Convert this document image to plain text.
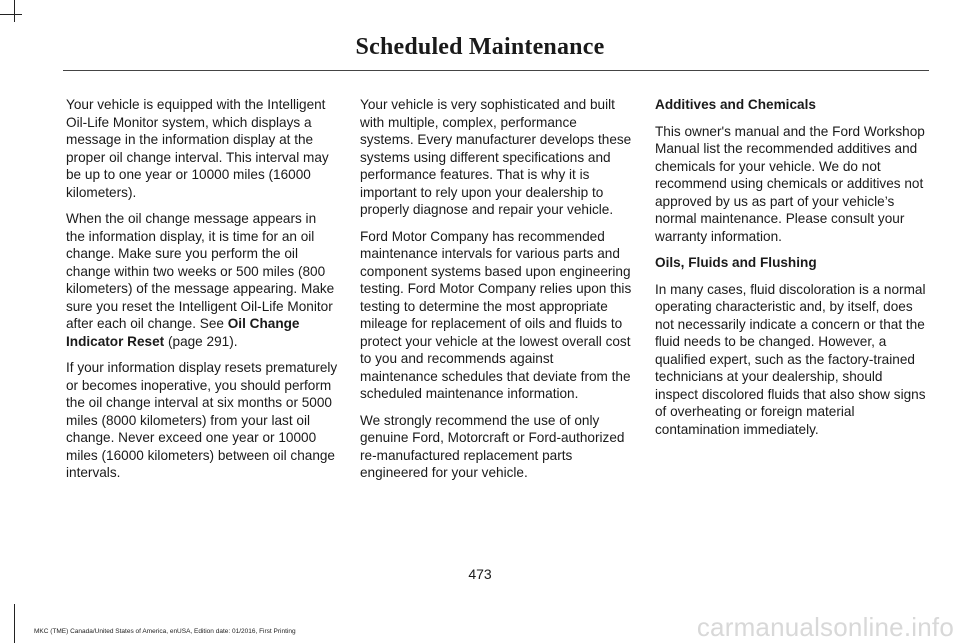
Scheduled Maintenance

Your vehicle is equipped with the Intelligent Oil-Life Monitor system, which displays a message in the information display at the proper oil change interval. This interval may be up to one year or 10000 miles (16000 kilometers).

When the oil change message appears in the information display, it is time for an oil change. Make sure you perform the oil change within two weeks or 500 miles (800 kilometers) of the message appearing. Make sure you reset the Intelligent Oil-Life Monitor after each oil change. See Oil Change Indicator Reset (page 291).

If your information display resets prematurely or becomes inoperative, you should perform the oil change interval at six months or 5000 miles (8000 kilometers) from your last oil change. Never exceed one year or 10000 miles (16000 kilometers) between oil change intervals.

Your vehicle is very sophisticated and built with multiple, complex, performance systems. Every manufacturer develops these systems using different specifications and performance features. That is why it is important to rely upon your dealership to properly diagnose and repair your vehicle.

Ford Motor Company has recommended maintenance intervals for various parts and component systems based upon engineering testing. Ford Motor Company relies upon this testing to determine the most appropriate mileage for replacement of oils and fluids to protect your vehicle at the lowest overall cost to you and recommends against maintenance schedules that deviate from the scheduled maintenance information.

We strongly recommend the use of only genuine Ford, Motorcraft or Ford-authorized re-manufactured replacement parts engineered for your vehicle.

Additives and Chemicals

This owner's manual and the Ford Workshop Manual list the recommended additives and chemicals for your vehicle. We do not recommend using chemicals or additives not approved by us as part of your vehicle’s normal maintenance. Please consult your warranty information.

Oils, Fluids and Flushing

In many cases, fluid discoloration is a normal operating characteristic and, by itself, does not necessarily indicate a concern or that the fluid needs to be changed. However, a qualified expert, such as the factory-trained technicians at your dealership, should inspect discolored fluids that also show signs of overheating or foreign material contamination immediately.

473
MKC (TME) Canada/United States of America, enUSA, Edition date: 01/2016, First Printing	carmanualsonline.info
